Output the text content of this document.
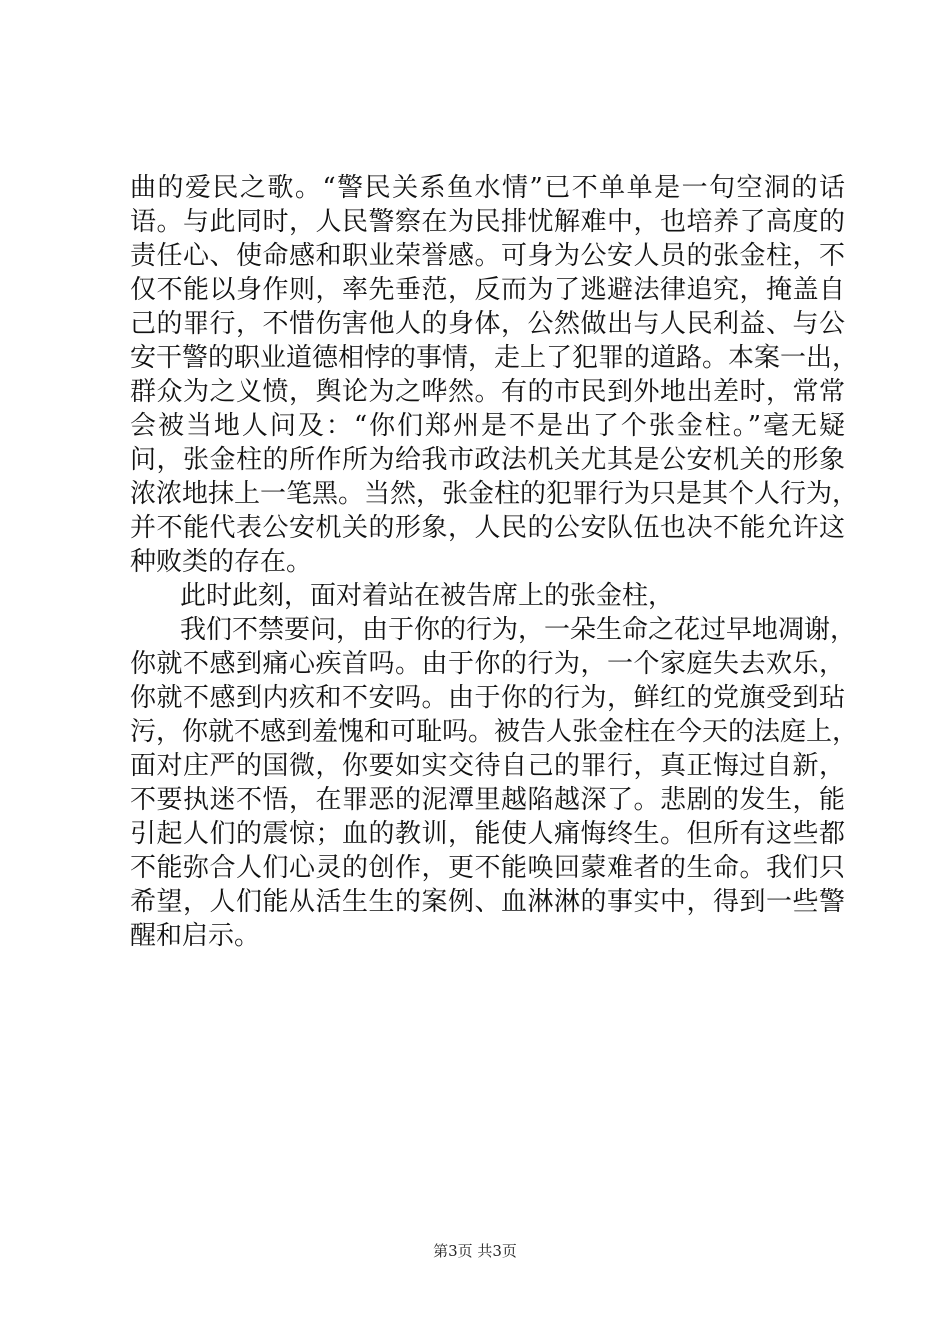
曲的爱民之歌。“警民关系鱼水情”已不单单是一句空洞的话
语。与此同时，人民警察在为民排忧解难中，也培养了高度的
责任心、使命感和职业荣誉感。可身为公安人员的张金柱，不
仅不能以身作则，率先垂范，反而为了逃避法律追究，掩盖自
己的罪行，不惜伤害他人的身体，公然做出与人民利益、与公
安干警的职业道德相悖的事情，走上了犯罪的道路。本案一出，
群众为之义愤，舆论为之哗然。有的市民到外地出差时，常常
会被当地人问及：“你们郑州是不是出了个张金柱。”毫无疑
问，张金柱的所作所为给我市政法机关尤其是公安机关的形象
浓浓地抹上一笔黑。当然，张金柱的犯罪行为只是其个人行为，
并不能代表公安机关的形象，人民的公安队伍也决不能允许这
种败类的存在。
此时此刻，面对着站在被告席上的张金柱，
我们不禁要问，由于你的行为，一朵生命之花过早地凋谢，
你就不感到痛心疾首吗。由于你的行为，一个家庭失去欢乐，
你就不感到内疚和不安吗。由于你的行为，鲜红的党旗受到玷
污，你就不感到羞愧和可耻吗。被告人张金柱在今天的法庭上，
面对庄严的国微，你要如实交待自己的罪行，真正悔过自新，
不要执迷不悟，在罪恶的泥潭里越陷越深了。悲剧的发生，能
引起人们的震惊；血的教训，能使人痛悔终生。但所有这些都
不能弥合人们心灵的创作，更不能唤回蒙难者的生命。我们只
希望，人们能从活生生的案例、血淋淋的事实中，得到一些警
醒和启示。
第3页 共3页
